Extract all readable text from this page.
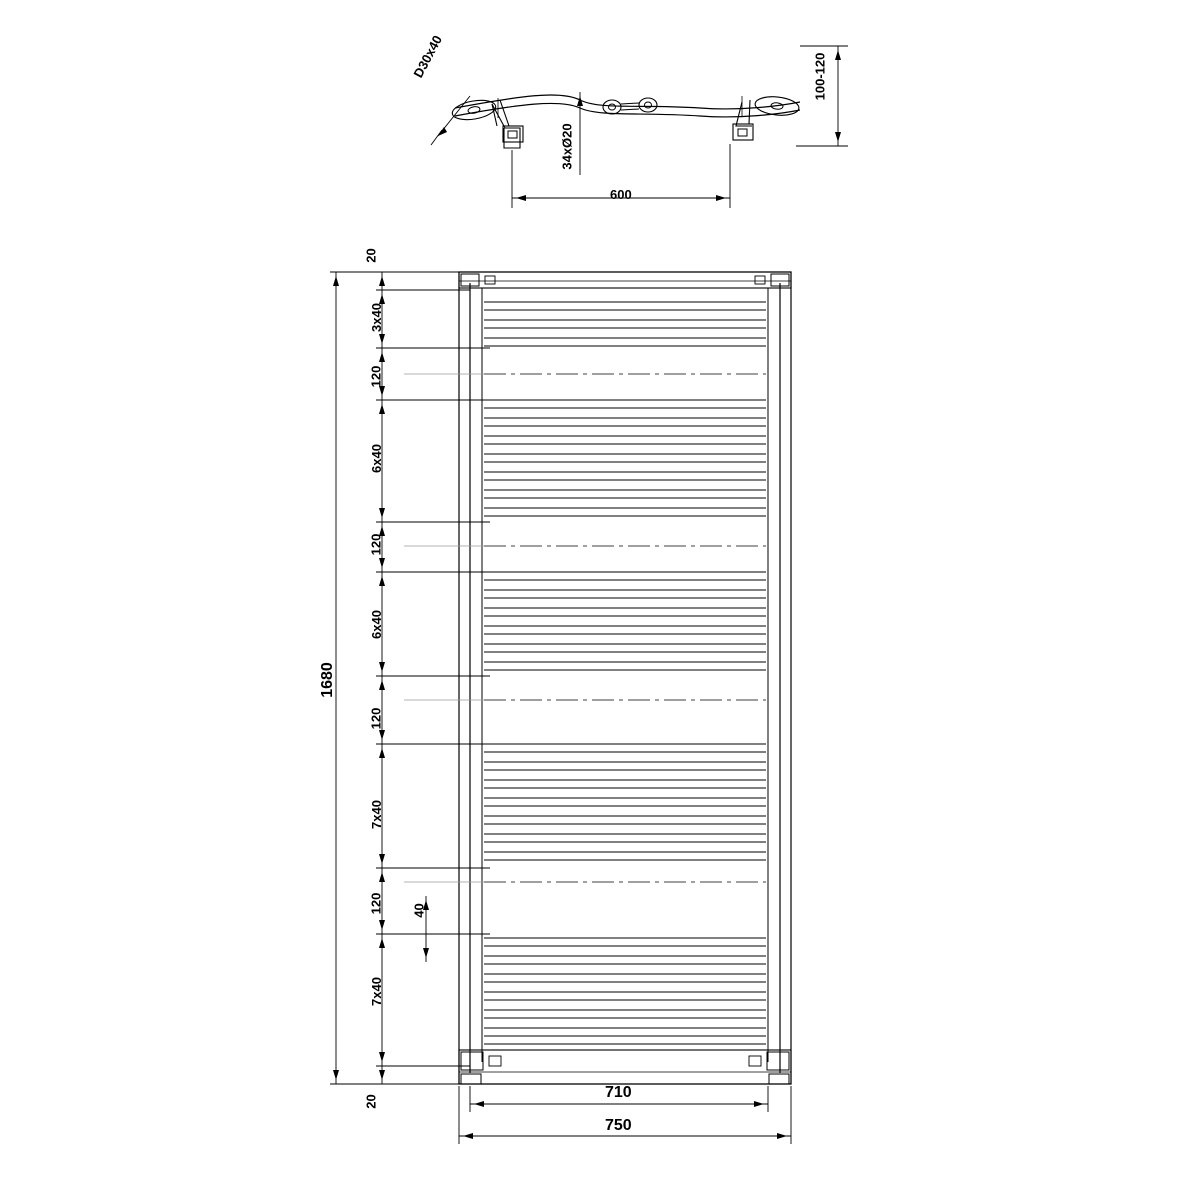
D30x40	100-120
34xØ20
600
20
3x40
120
6x40
120
6x40
120
7x40
120 40
7x40
20
1680
710
750
